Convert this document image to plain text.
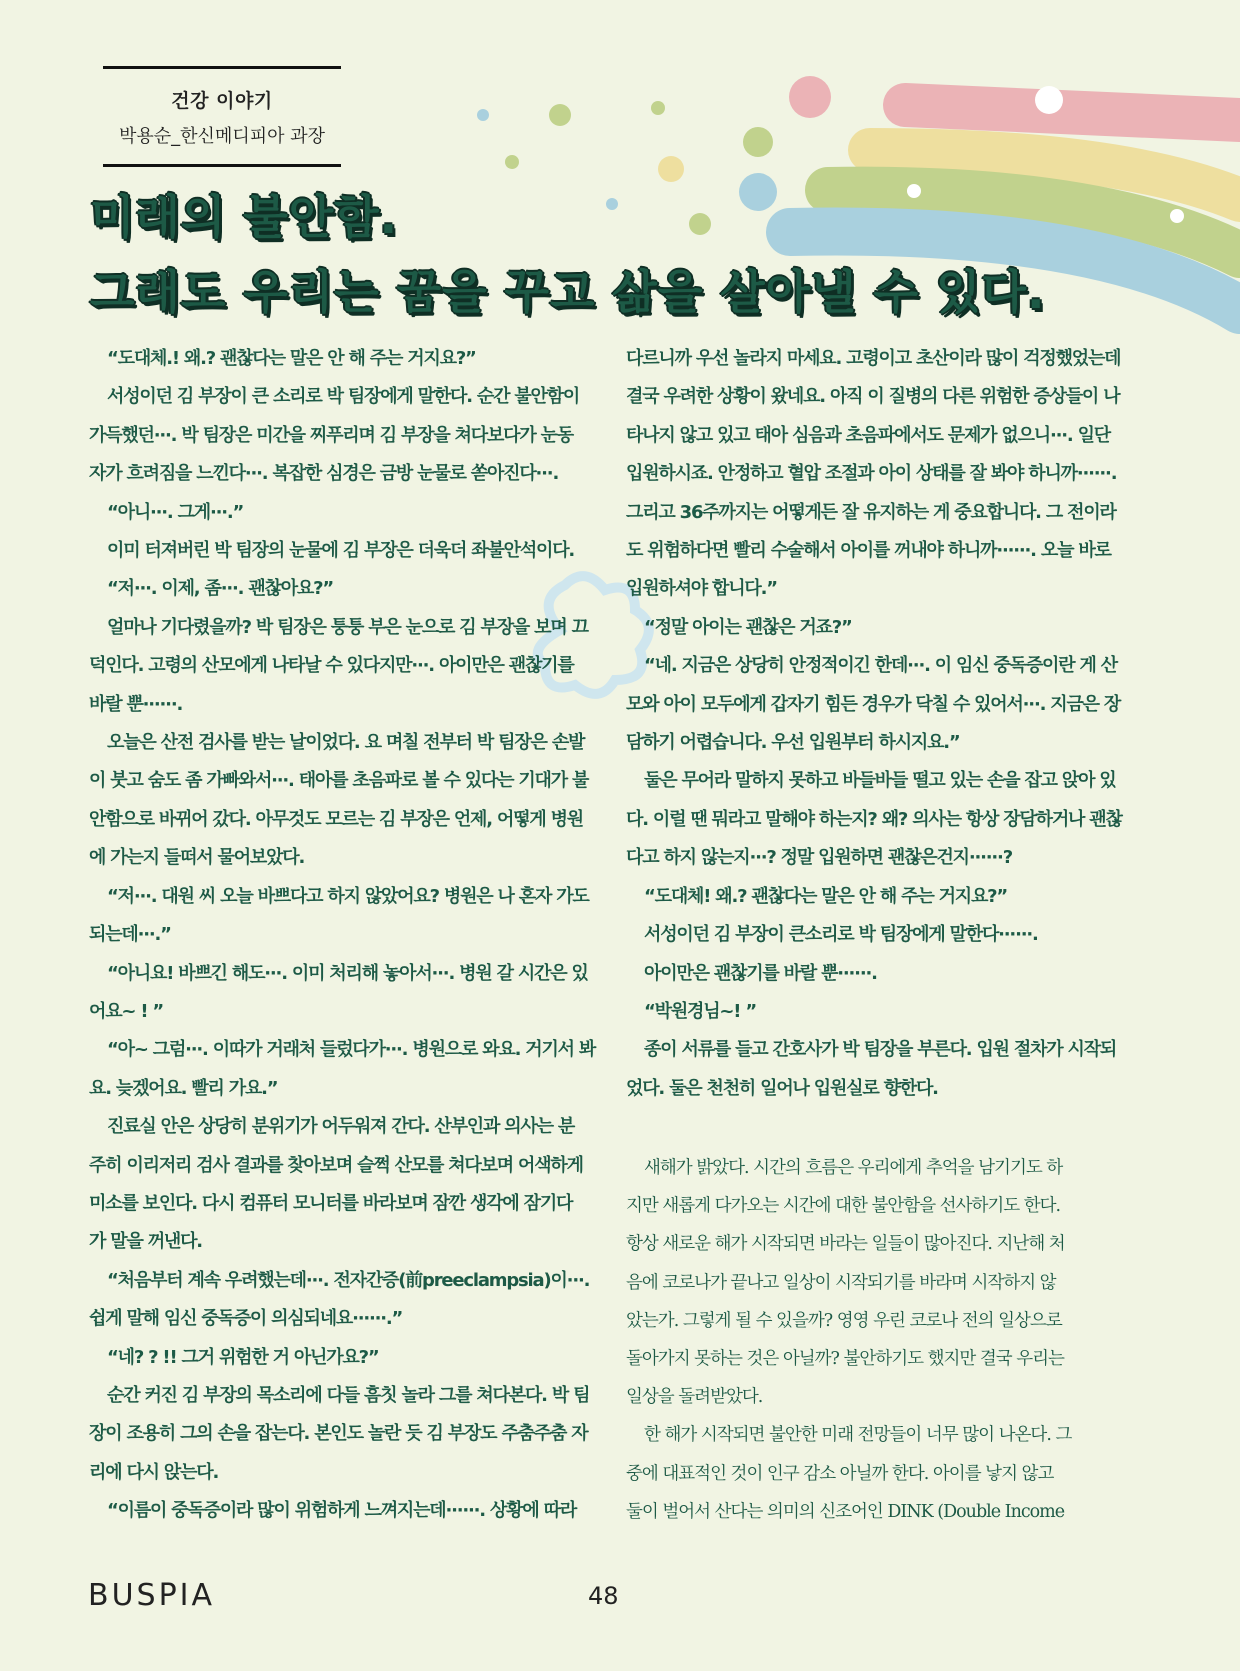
건강 이야기
박용순_한신메디피아 과장
미래의 불안함.
그래도 우리는 꿈을 꾸고 삶을 살아낼 수 있다.

“도대체.! 왜.? 괜찮다는 말은 안 해 주는 거지요?”

서성이던 김 부장이 큰 소리로 박 팀장에게 말한다. 순간 불안함이

가득했던···. 박 팀장은 미간을 찌푸리며 김 부장을 쳐다보다가 눈동

자가 흐려짐을 느낀다···. 복잡한 심경은 금방 눈물로 쏟아진다···.

“아니···. 그게···.”

이미 터져버린 박 팀장의 눈물에 김 부장은 더욱더 좌불안석이다.

“저···. 이제, 좀···. 괜찮아요?”

얼마나 기다렸을까? 박 팀장은 퉁퉁 부은 눈으로 김 부장을 보며 끄

덕인다. 고령의 산모에게 나타날 수 있다지만···. 아이만은 괜찮기를

바랄 뿐······.

오늘은 산전 검사를 받는 날이었다. 요 며칠 전부터 박 팀장은 손발

이 붓고 숨도 좀 가빠와서···. 태아를 초음파로 볼 수 있다는 기대가 불

안함으로 바뀌어 갔다. 아무것도 모르는 김 부장은 언제, 어떻게 병원

에 가는지 들떠서 물어보았다.

“저···. 대원 씨 오늘 바쁘다고 하지 않았어요? 병원은 나 혼자 가도

되는데···.”

“아니요! 바쁘긴 해도···. 이미 처리해 놓아서···. 병원 갈 시간은 있

어요~ ! ”

“아~ 그럼···. 이따가 거래처 들렀다가···. 병원으로 와요. 거기서 봐

요. 늦겠어요. 빨리 가요.”

진료실 안은 상당히 분위기가 어두워져 간다. 산부인과 의사는 분

주히 이리저리 검사 결과를 찾아보며 슬쩍 산모를 쳐다보며 어색하게

미소를 보인다. 다시 컴퓨터 모니터를 바라보며 잠깐 생각에 잠기다

가 말을 꺼낸다.

“처음부터 계속 우려했는데···. 전자간증(前preeclampsia)이···.

쉽게 말해 임신 중독증이 의심되네요······.”

“네? ? !! 그거 위험한 거 아닌가요?”

순간 커진 김 부장의 목소리에 다들 흠칫 놀라 그를 쳐다본다. 박 팀

장이 조용히 그의 손을 잡는다. 본인도 놀란 듯 김 부장도 주춤주춤 자

리에 다시 앉는다.

“이름이 중독증이라 많이 위험하게 느껴지는데······. 상황에 따라

다르니까 우선 놀라지 마세요. 고령이고 초산이라 많이 걱정했었는데

결국 우려한 상황이 왔네요. 아직 이 질병의 다른 위험한 증상들이 나

타나지 않고 있고 태아 심음과 초음파에서도 문제가 없으니···. 일단

입원하시죠. 안정하고 혈압 조절과 아이 상태를 잘 봐야 하니까······.

그리고 36주까지는 어떻게든 잘 유지하는 게 중요합니다. 그 전이라

도 위험하다면 빨리 수술해서 아이를 꺼내야 하니까······. 오늘 바로

입원하셔야 합니다.”

“정말 아이는 괜찮은 거죠?”

“네. 지금은 상당히 안정적이긴 한데···. 이 임신 중독증이란 게 산

모와 아이 모두에게 갑자기 힘든 경우가 닥칠 수 있어서···. 지금은 장

담하기 어렵습니다. 우선 입원부터 하시지요.”

둘은 무어라 말하지 못하고 바들바들 떨고 있는 손을 잡고 앉아 있

다. 이럴 땐 뭐라고 말해야 하는지? 왜? 의사는 항상 장담하거나 괜찮

다고 하지 않는지···? 정말 입원하면 괜찮은건지······?

“도대체! 왜.? 괜찮다는 말은 안 해 주는 거지요?”

서성이던 김 부장이 큰소리로 박 팀장에게 말한다······.

아이만은 괜찮기를 바랄 뿐······.

“박원경님~! ”

종이 서류를 들고 간호사가 박 팀장을 부른다. 입원 절차가 시작되

었다. 둘은 천천히 일어나 입원실로 향한다.

새해가 밝았다. 시간의 흐름은 우리에게 추억을 남기기도 하

지만 새롭게 다가오는 시간에 대한 불안함을 선사하기도 한다.

항상 새로운 해가 시작되면 바라는 일들이 많아진다. 지난해 처

음에 코로나가 끝나고 일상이 시작되기를 바라며 시작하지 않

았는가. 그렇게 될 수 있을까? 영영 우린 코로나 전의 일상으로

돌아가지 못하는 것은 아닐까? 불안하기도 했지만 결국 우리는

일상을 돌려받았다.

한 해가 시작되면 불안한 미래 전망들이 너무 많이 나온다. 그

중에 대표적인 것이 인구 감소 아닐까 한다. 아이를 낳지 않고

둘이 벌어서 산다는 의미의 신조어인 DINK (Double Income

BUSPIA	48
